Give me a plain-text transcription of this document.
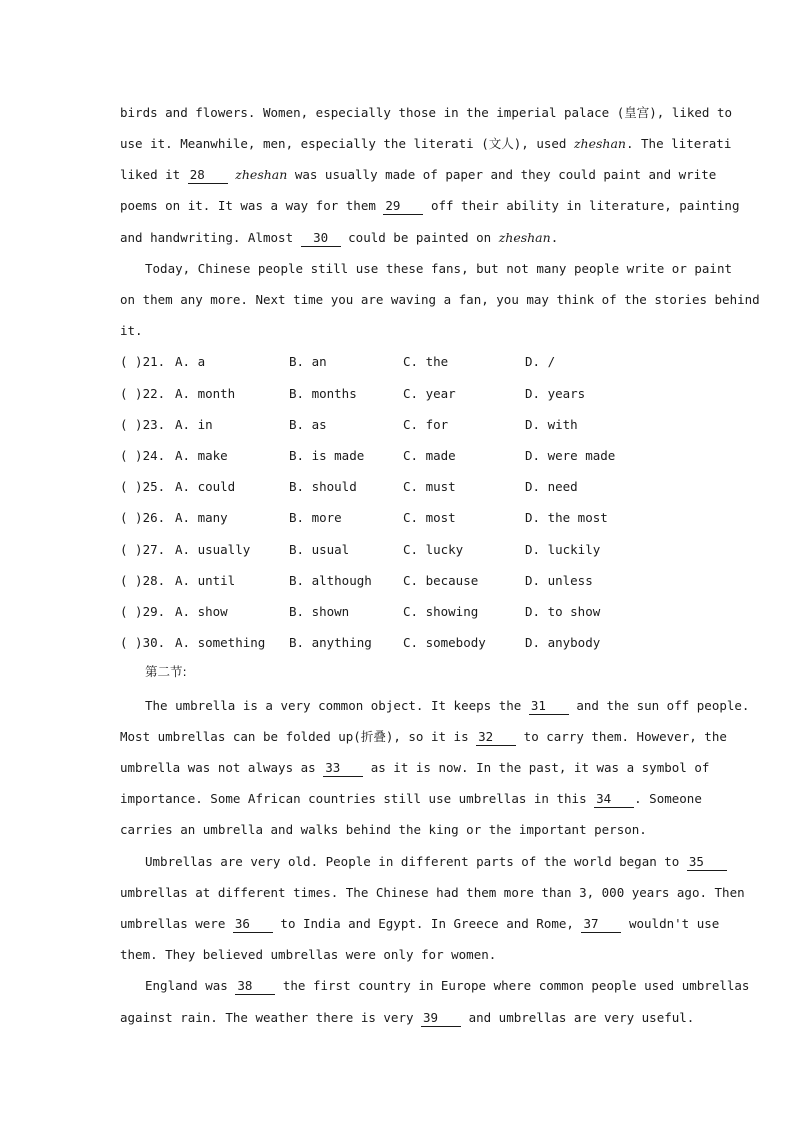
birds and flowers. Women, especially those in the imperial palace (皇宫), liked to
use it. Meanwhile, men, especially the literati (文人), used zheshan. The literati
liked it 28 zheshan was usually made of paper and they could paint and write
poems on it. It was a way for them 29 off their ability in literature, painting
and handwriting. Almost 30 could be painted on zheshan.
Today, Chinese people still use these fans, but not many people write or paint
on them any more. Next time you are waving a fan, you may think of the stories behind
it.
( )21. A. a	B. an	C. the	D. /
( )22. A. month	B. months	C. year	D. years
( )23. A. in	B. as	C. for	D. with
( )24. A. make	B. is made	C. made	D. were made
( )25. A. could	B. should	C. must	D. need
( )26. A. many	B. more	C. most	D. the most
( )27. A. usually	B. usual	C. lucky	D. luckily
( )28. A. until	B. although C. because	D. unless
( )29. A. show	B. shown	C. showing	D. to show
( )30. A. something B. anything C. somebody	D. anybody
第二节:
The umbrella is a very common object. It keeps the 31 and the sun off people.
Most umbrellas can be folded up(折叠), so it is 32 to carry them. However, the
umbrella was not always as 33 as it is now. In the past, it was a symbol of
importance. Some African countries still use umbrellas in this 34 . Someone
carries an umbrella and walks behind the king or the important person.
Umbrellas are very old. People in different parts of the world began to 35
umbrellas at different times. The Chinese had them more than 3, 000 years ago. Then
umbrellas were 36 to India and Egypt. In Greece and Rome, 37 wouldn't use
them. They believed umbrellas were only for women.
England was 38 the first country in Europe where common people used umbrellas
against rain. The weather there is very 39 and umbrellas are very useful.
